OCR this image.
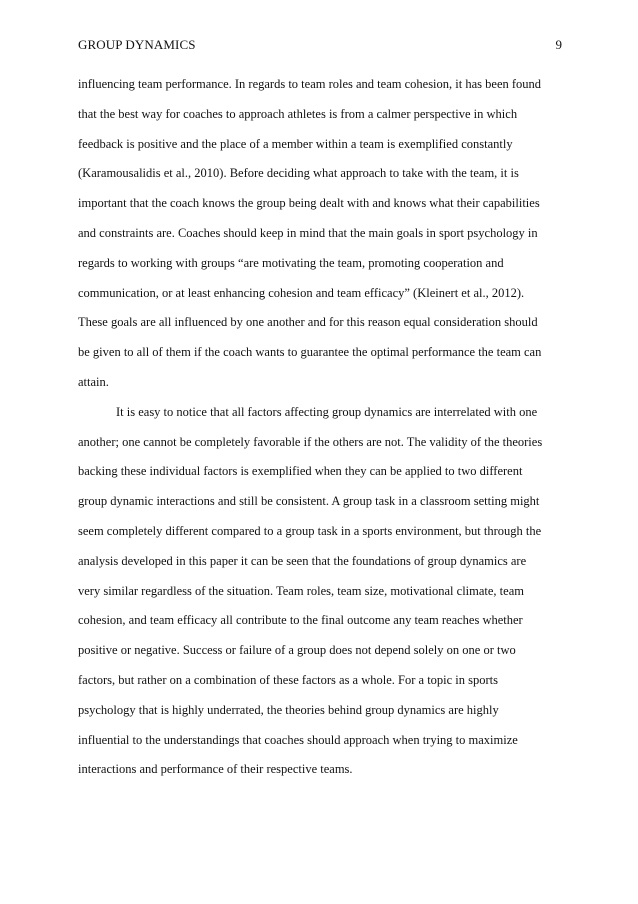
GROUP DYNAMICS	9
influencing team performance. In regards to team roles and team cohesion, it has been found
that the best way for coaches to approach athletes is from a calmer perspective in which
feedback is positive and the place of a member within a team is exemplified constantly
(Karamousalidis et al., 2010). Before deciding what approach to take with the team, it is
important that the coach knows the group being dealt with and knows what their capabilities
and constraints are. Coaches should keep in mind that the main goals in sport psychology in
regards to working with groups “are motivating the team, promoting cooperation and
communication, or at least enhancing cohesion and team efficacy” (Kleinert et al., 2012).
These goals are all influenced by one another and for this reason equal consideration should
be given to all of them if the coach wants to guarantee the optimal performance the team can
attain.
It is easy to notice that all factors affecting group dynamics are interrelated with one
another; one cannot be completely favorable if the others are not. The validity of the theories
backing these individual factors is exemplified when they can be applied to two different
group dynamic interactions and still be consistent. A group task in a classroom setting might
seem completely different compared to a group task in a sports environment, but through the
analysis developed in this paper it can be seen that the foundations of group dynamics are
very similar regardless of the situation. Team roles, team size, motivational climate, team
cohesion, and team efficacy all contribute to the final outcome any team reaches whether
positive or negative. Success or failure of a group does not depend solely on one or two
factors, but rather on a combination of these factors as a whole. For a topic in sports
psychology that is highly underrated, the theories behind group dynamics are highly
influential to the understandings that coaches should approach when trying to maximize
interactions and performance of their respective teams.
